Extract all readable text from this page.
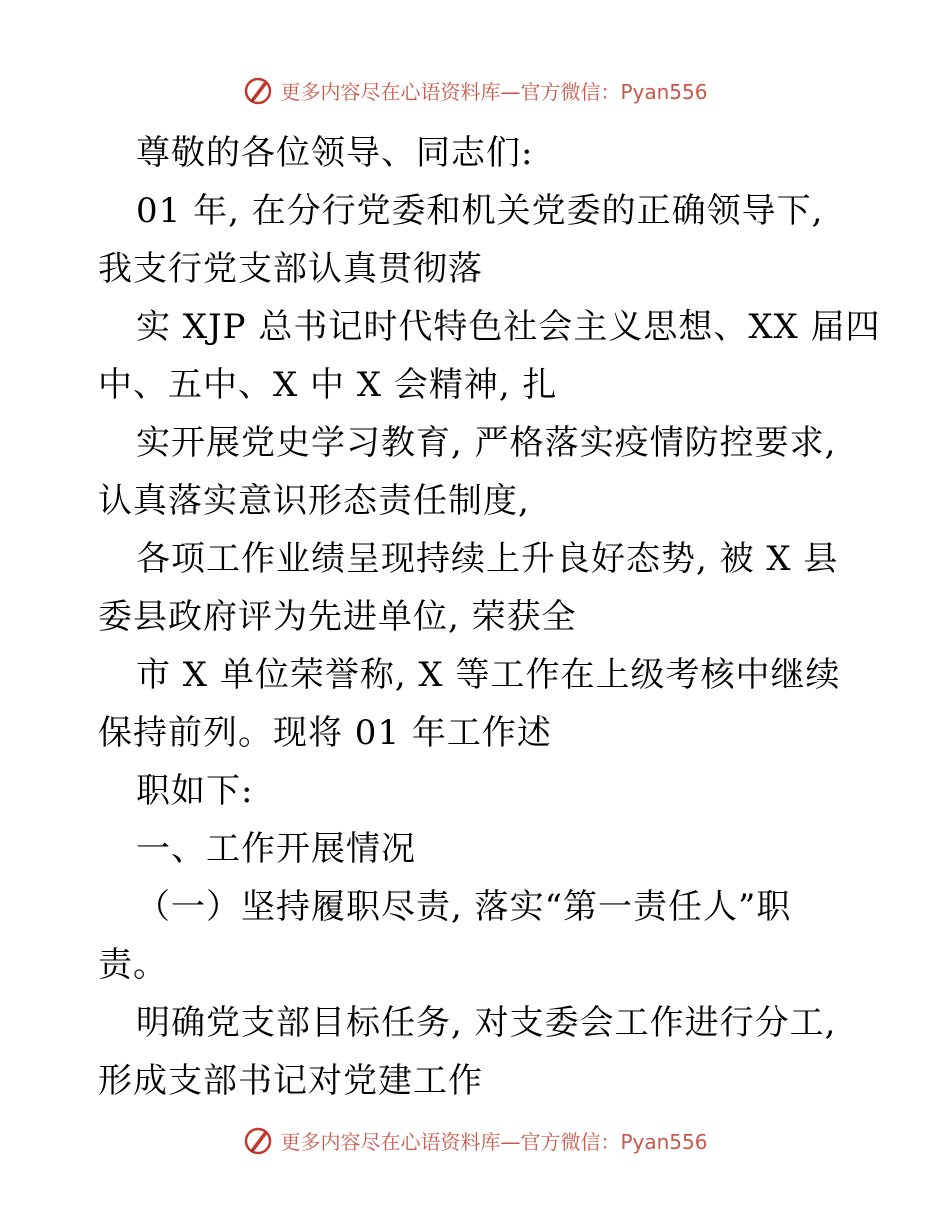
更多内容尽在心语资料库—官方微信：Pyan556
尊敬的各位领导、同志们:
01 年, 在分行党委和机关党委的正确领导下,
我支行党支部认真贯彻落
实 XJP 总书记时代特色社会主义思想、XX 届四
中、五中、X 中 X 会精神, 扎
实开展党史学习教育, 严格落实疫情防控要求,
认真落实意识形态责任制度,
各项工作业绩呈现持续上升良好态势, 被 X 县
委县政府评为先进单位, 荣获全
市 X 单位荣誉称, X 等工作在上级考核中继续
保持前列。现将 01 年工作述
职如下:
一、工作开展情况
（一）坚持履职尽责, 落实“第一责任人”职
责。
明确党支部目标任务, 对支委会工作进行分工,
形成支部书记对党建工作
更多内容尽在心语资料库—官方微信：Pyan556
